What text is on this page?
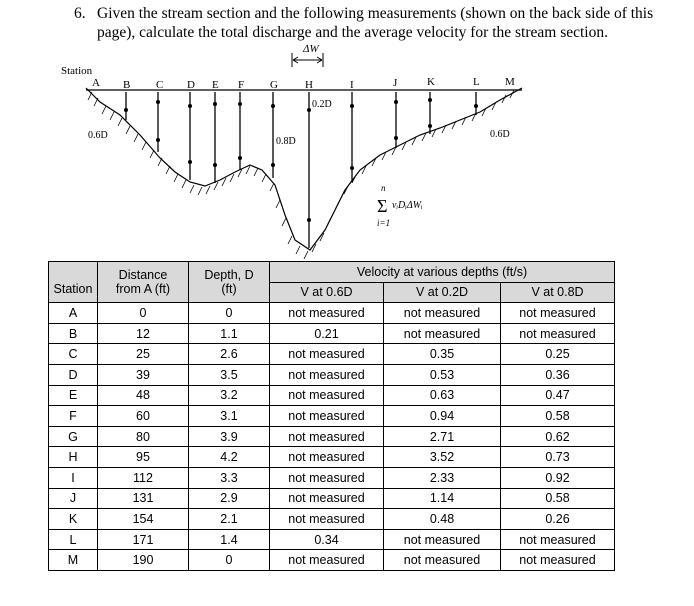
6. Given the stream section and the following measurements (shown on the back side of this
page), calculate the total discharge and the average velocity for the stream section.
ΔW
Station
A B C D E F G H	I	J	K	L M
0.6D
0.8D
0.2D
0.6D
n
Σ vᵢDᵢΔWᵢ
i=1
	Distance	Depth, D	Velocity at various depths (ft/s)		
Station	from A (ft)	(ft)	V at 0.6D	V at 0.2D	V at 0.8D
A	0	0	not measured	not measured	not measured
B	12	1.1	0.21	not measured	not measured
C	25	2.6	not measured	0.35	0.25
D	39	3.5	not measured	0.53	0.36
E	48	3.2	not measured	0.63	0.47
F	60	3.1	not measured	0.94	0.58
G	80	3.9	not measured	2.71	0.62
H	95	4.2	not measured	3.52	0.73
I	112	3.3	not measured	2.33	0.92
J	131	2.9	not measured	1.14	0.58
K	154	2.1	not measured	0.48	0.26
L	171	1.4	0.34	not measured	not measured
M	190	0	not measured	not measured	not measured
